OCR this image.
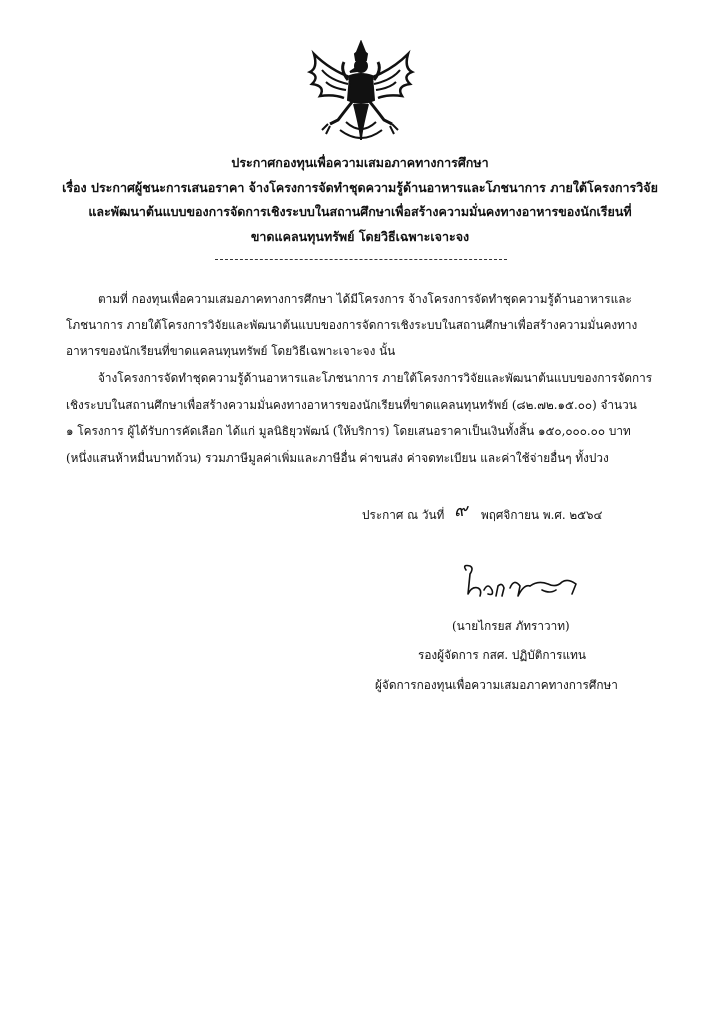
ประกาศกองทุนเพื่อความเสมอภาคทางการศึกษา
เรื่อง ประกาศผู้ชนะการเสนอราคา จ้างโครงการจัดทำชุดความรู้ด้านอาหารและโภชนาการ ภายใต้โครงการวิจัย
และพัฒนาต้นแบบของการจัดการเชิงระบบในสถานศึกษาเพื่อสร้างความมั่นคงทางอาหารของนักเรียนที่
ขาดแคลนทุนทรัพย์ โดยวิธีเฉพาะเจาะจง
ตามที่ กองทุนเพื่อความเสมอภาคทางการศึกษา ได้มีโครงการ จ้างโครงการจัดทำชุดความรู้ด้านอาหารและ
โภชนาการ ภายใต้โครงการวิจัยและพัฒนาต้นแบบของการจัดการเชิงระบบในสถานศึกษาเพื่อสร้างความมั่นคงทาง
อาหารของนักเรียนที่ขาดแคลนทุนทรัพย์ โดยวิธีเฉพาะเจาะจง นั้น
จ้างโครงการจัดทำชุดความรู้ด้านอาหารและโภชนาการ ภายใต้โครงการวิจัยและพัฒนาต้นแบบของการจัดการ
เชิงระบบในสถานศึกษาเพื่อสร้างความมั่นคงทางอาหารของนักเรียนที่ขาดแคลนทุนทรัพย์ (๘๒.๗๒.๑๕.๐๐) จำนวน
๑ โครงการ ผู้ได้รับการคัดเลือก ได้แก่ มูลนิธิยุวพัฒน์ (ให้บริการ) โดยเสนอราคาเป็นเงินทั้งสิ้น ๑๕๐,๐๐๐.๐๐ บาท
(หนึ่งแสนห้าหมื่นบาทถ้วน) รวมภาษีมูลค่าเพิ่มและภาษีอื่น ค่าขนส่ง ค่าจดทะเบียน และค่าใช้จ่ายอื่นๆ ทั้งปวง
ประกาศ ณ วันที่ ๙ พฤศจิกายน พ.ศ. ๒๕๖๔
(นายไกรยส ภัทราวาท)
รองผู้จัดการ กสศ. ปฏิบัติการแทน
ผู้จัดการกองทุนเพื่อความเสมอภาคทางการศึกษา
